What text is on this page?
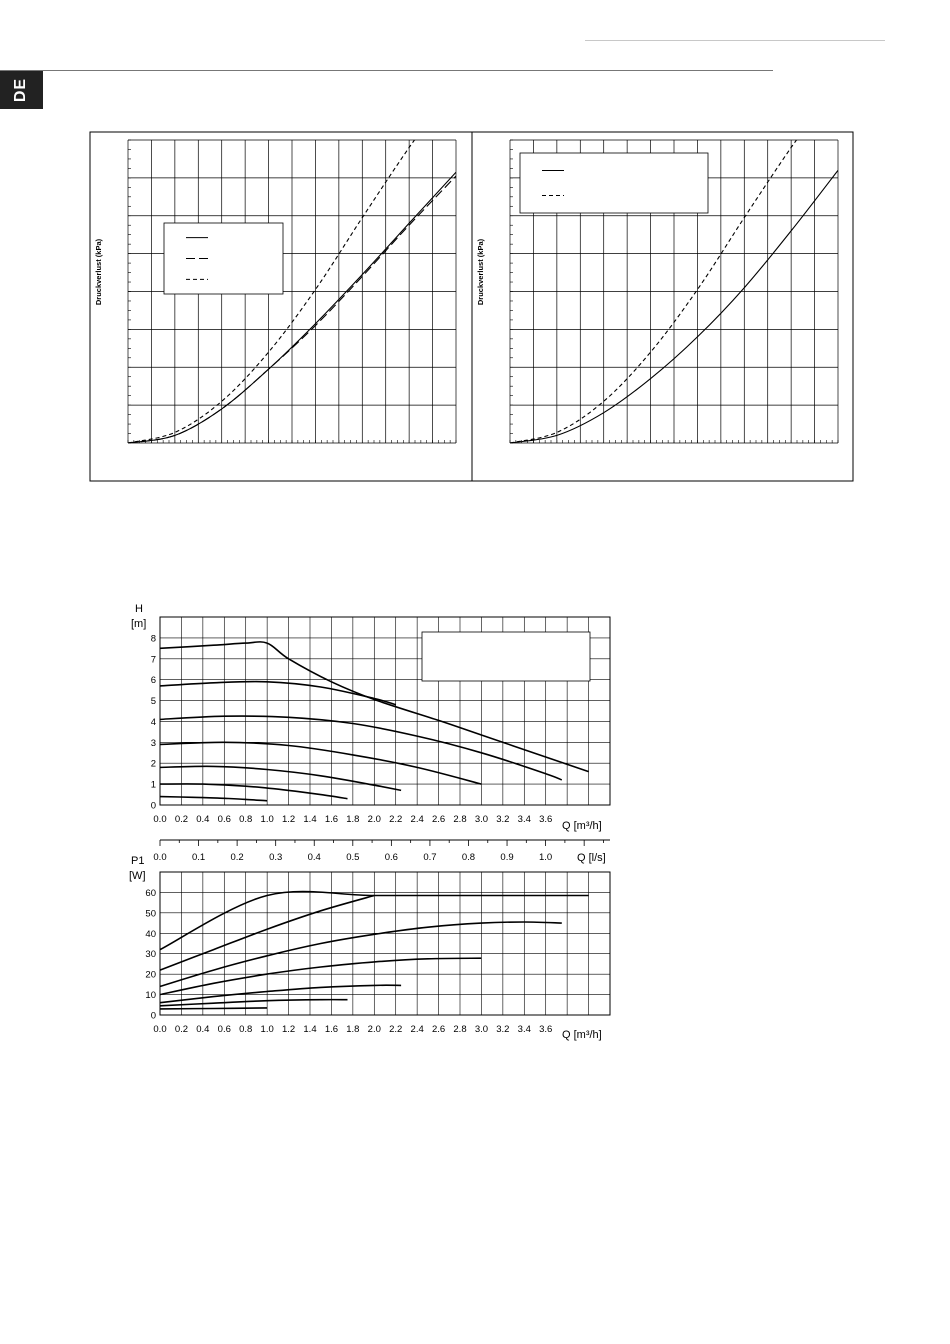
DE
Druckverlust (kPa)	Druckverlust (kPa)
H
[m]
0
1
2
3
4
5
6
7
8
0.0 0.2 0.4 0.6 0.8 1.0 1.2 1.4 1.6 1.8 2.0 2.2 2.4 2.6 2.8 3.0 3.2 3.4 3.6
Q [m³/h]
0.0	0.1	0.2	0.3	0.4	0.5	0.6	0.7	0.8	0.9	1.0 Q [l/s]
P1
[W]
0
10
20
30
40
50
60
0.0 0.2 0.4 0.6 0.8 1.0 1.2 1.4 1.6 1.8 2.0 2.2 2.4 2.6 2.8 3.0 3.2 3.4 3.6 Q [m³/h]
